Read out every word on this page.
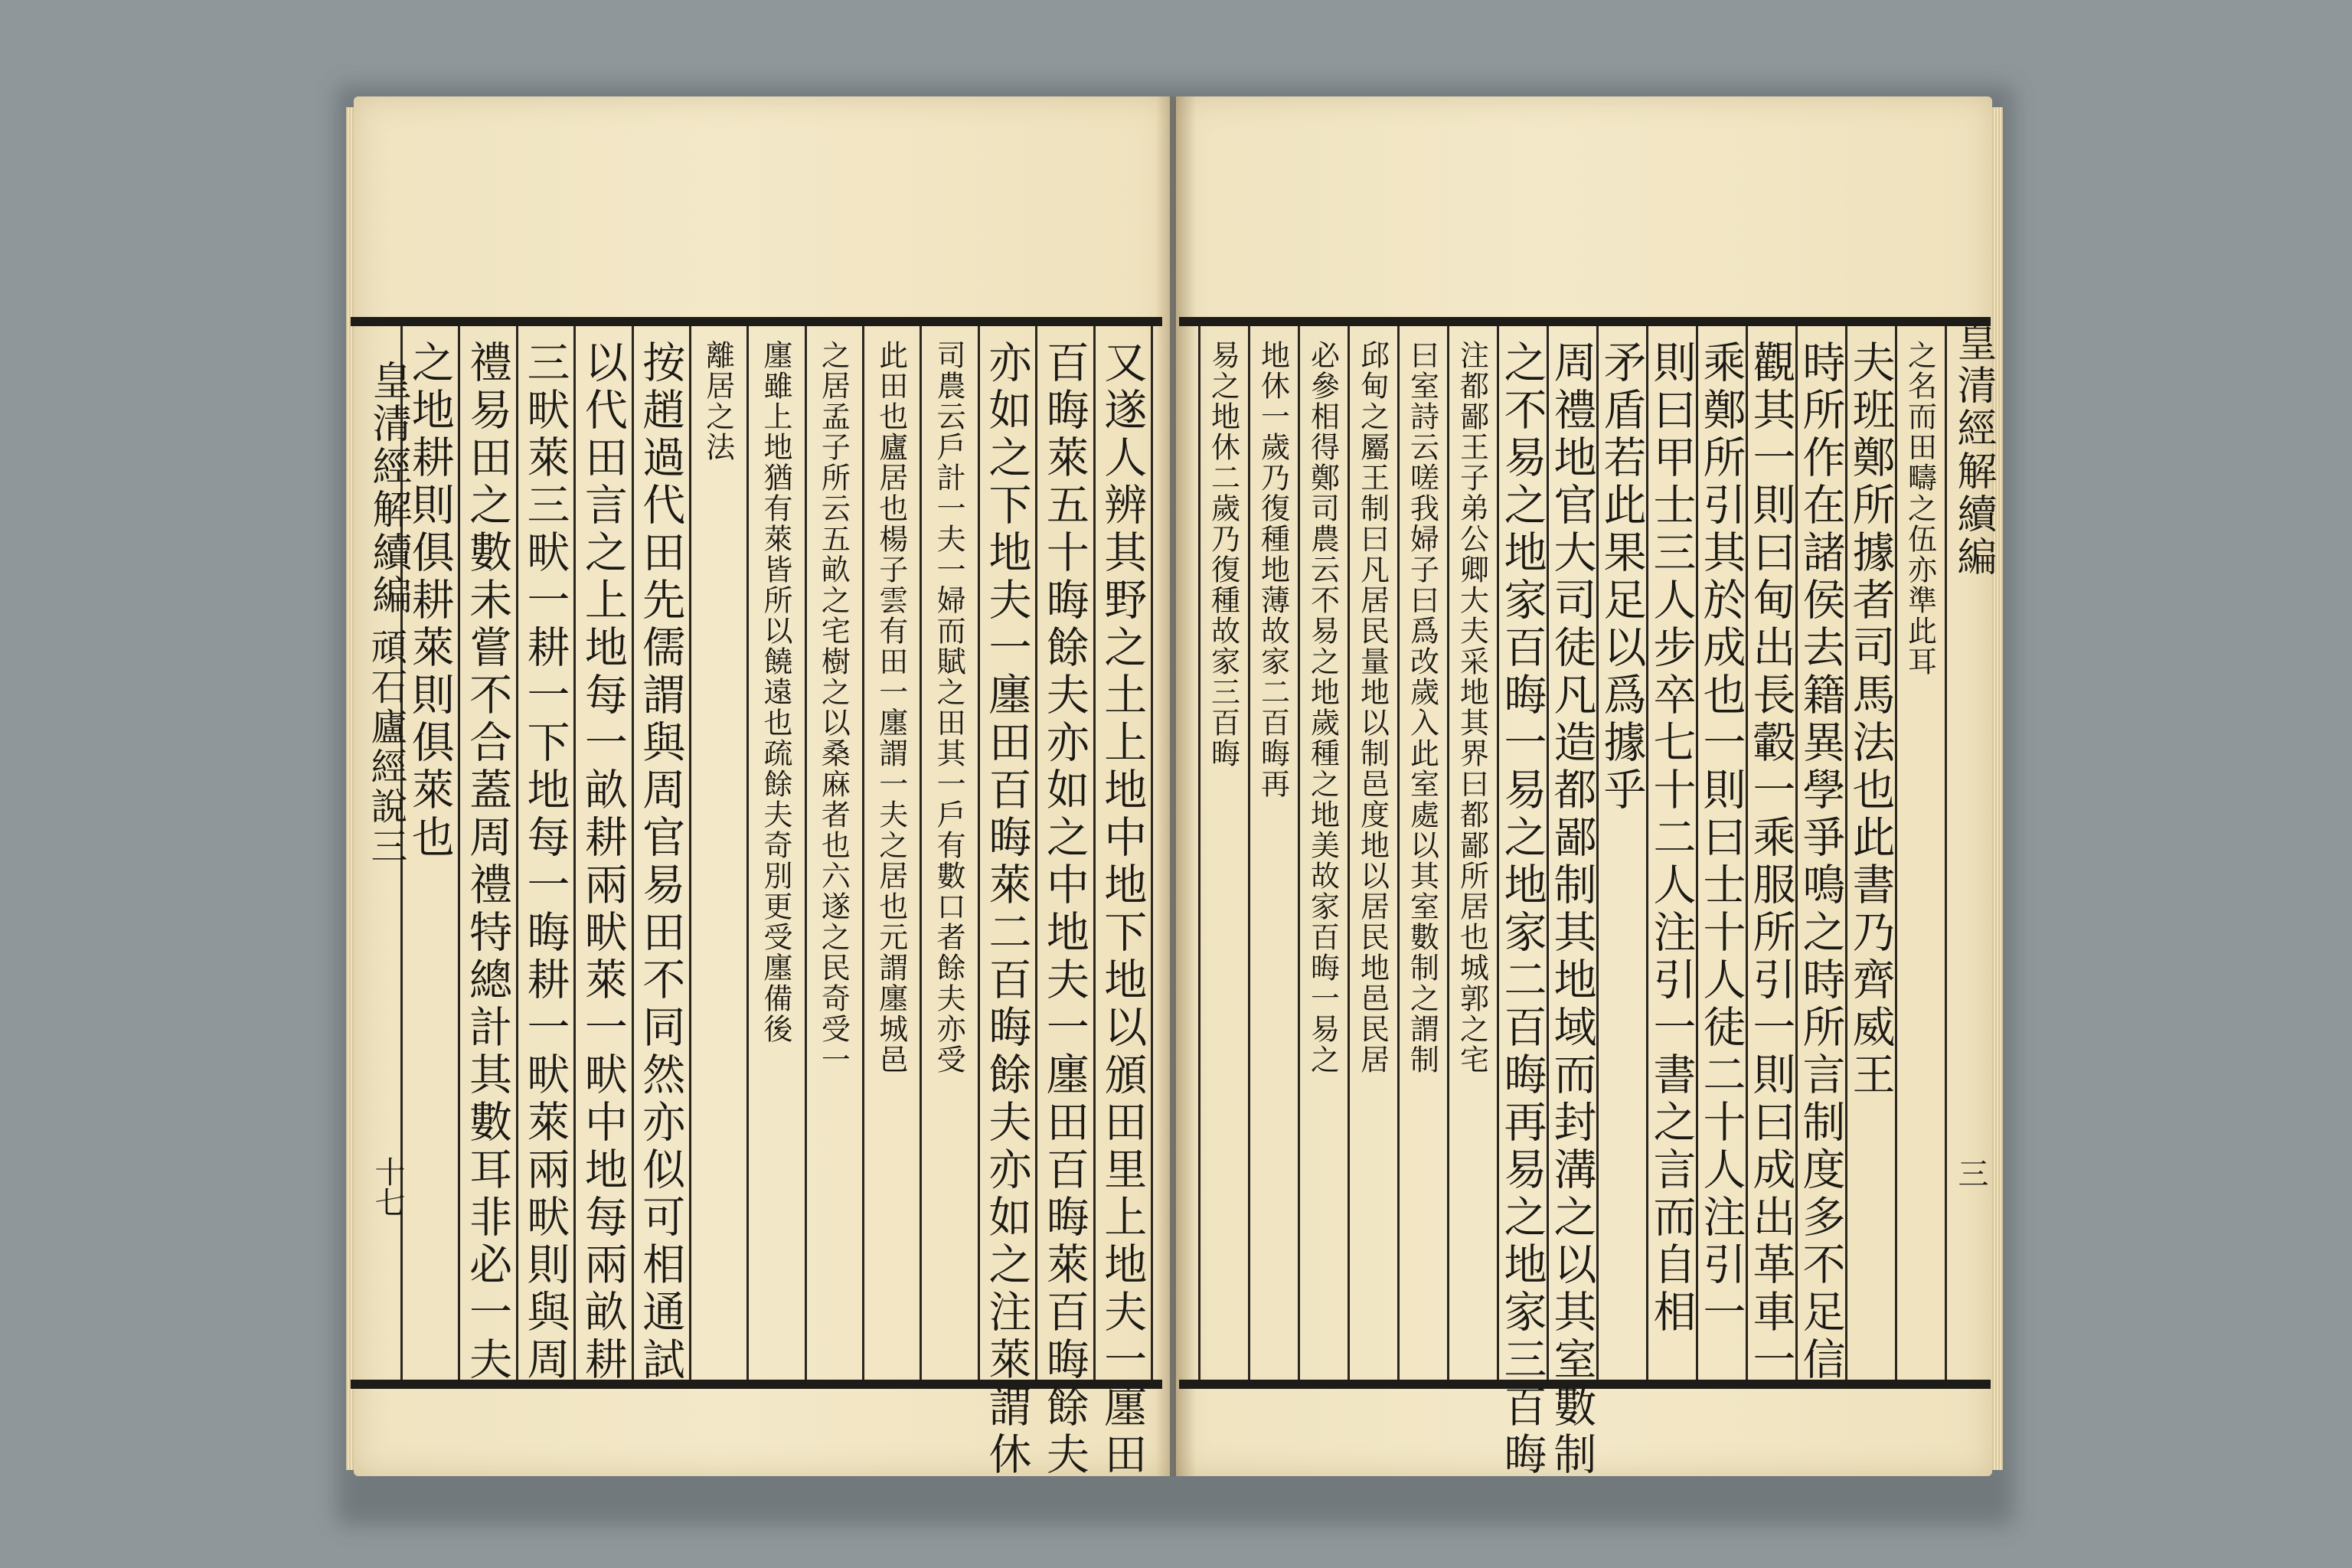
又遂人辨其野之土上地中地下地以頒田里上地夫一廛田
百晦萊五十晦餘夫亦如之中地夫一廛田百晦萊百晦餘夫
亦如之下地夫一廛田百晦萊二百晦餘夫亦如之注萊謂休
司農云戶計一夫一婦而賦之田其一戶有數口者餘夫亦受
此田也廬居也楊子雲有田一廛謂一夫之居也元謂廛城邑
之居孟子所云五畝之宅樹之以桑麻者也六遂之民奇受一
廛雖上地猶有萊皆所以饒遠也疏餘夫奇別更受廛備後
離居之法
按趙過代田先儒謂與周官易田不同然亦似可相通試
以代田言之上地每一畝耕兩畎萊一畎中地每兩畝耕
三畎萊三畎一耕一下地每一晦耕一畎萊兩畎則與周
禮易田之數未嘗不合蓋周禮特總計其數耳非必一夫
之地耕則俱耕萊則俱萊也	之名而田疇之伍亦準此耳
夫班鄭所據者司馬法也此書乃齊威王
時所作在諸侯去籍異學爭鳴之時所言制度多不足信
觀其一則曰甸出長轂一乘服所引一則曰成出革車一
乘鄭所引其於成也一則曰士十人徒二十人注引一
則曰甲士三人步卒七十二人注引一書之言而自相
矛盾若此果足以爲據乎
周禮地官大司徒凡造都鄙制其地域而封溝之以其室數制
之不易之地家百晦一易之地家二百晦再易之地家三百晦
注都鄙王子弟公卿大夫采地其界曰都鄙所居也城郭之宅
曰室詩云嗟我婦子曰爲改歲入此室處以其室數制之謂制
邱甸之屬王制曰凡居民量地以制邑度地以居民地邑民居
必參相得鄭司農云不易之地歲種之地美故家百晦一易之
地休一歲乃復種地薄故家二百晦再
易之地休二歲乃復種故家三百晦
皇清經解續編
頑石廬經說三
十七
皇清經解續編
三
